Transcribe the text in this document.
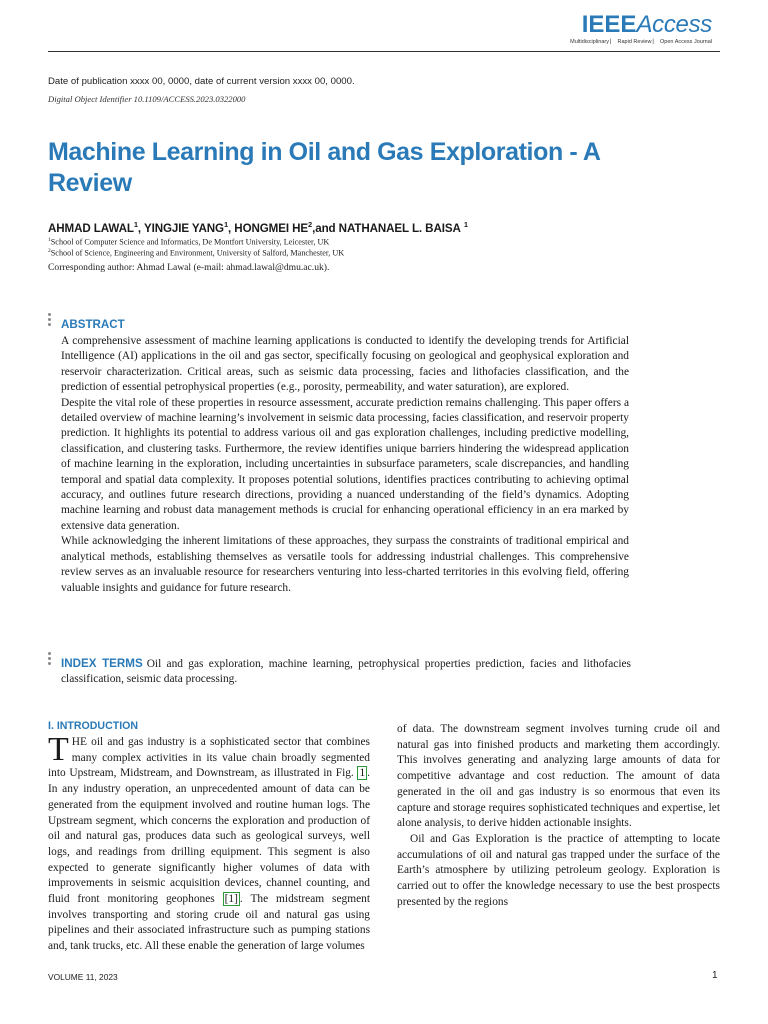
IEEEAccess
Multidisciplinary ⎸ Rapid Review ⎸ Open Access Journal
Date of publication xxxx 00, 0000, date of current version xxxx 00, 0000.
Digital Object Identifier 10.1109/ACCESS.2023.0322000
Machine Learning in Oil and Gas Exploration - A Review
AHMAD LAWAL$^1$, YINGJIE YANG$^1$, HONGMEI $HE^2,and$ NATHANAEL L. BAISA $^1$
$^1$School of Computer Science and Informatics, De Montfort University, Leicester, UK
$^2$School of Science, Engineering and Environment, University of Salford, Manchester, UK
Corresponding author: Ahmad Lawal (e-mail: ahmad.lawal@dmu.ac.uk).
ABSTRACT

A comprehensive assessment of machine learning applications is conducted to identify the developing trends for Artificial Intelligence (AI) applications in the oil and gas sector, specifically focusing on geological and geophysical exploration and reservoir characterization. Critical areas, such as seismic data processing, facies and lithofacies classification, and the prediction of essential petrophysical properties (e.g., porosity, permeability, and water saturation), are explored.

Despite the vital role of these properties in resource assessment, accurate prediction remains challenging. This paper offers a detailed overview of machine learning’s involvement in seismic data processing, facies classification, and reservoir property prediction. It highlights its potential to address various oil and gas exploration challenges, including predictive modelling, classification, and clustering tasks. Furthermore, the review identifies unique barriers hindering the widespread application of machine learning in the exploration, including uncertainties in subsurface parameters, scale discrepancies, and handling temporal and spatial data complexity. It proposes potential solutions, identifies practices contributing to achieving optimal accuracy, and outlines future research directions, providing a nuanced understanding of the field’s dynamics. Adopting machine learning and robust data management methods is crucial for enhancing operational efficiency in an era marked by extensive data generation.

While acknowledging the inherent limitations of these approaches, they surpass the constraints of traditional empirical and analytical methods, establishing themselves as versatile tools for addressing industrial challenges. This comprehensive review serves as an invaluable resource for researchers venturing into less-charted territories in this evolving field, offering valuable insights and guidance for future research.

INDEX TERMS Oil and gas exploration, machine learning, petrophysical properties prediction, facies and lithofacies classification, seismic data processing.
I. INTRODUCTION

THE oil and gas industry is a sophisticated sector that combines many complex activities in its value chain broadly segmented into Upstream, Midstream, and Downstream, as illustrated in Fig. 1 . In any industry operation, an unprecedented amount of data can be generated from the equipment involved and routine human logs. The Upstream segment, which concerns the exploration and production of oil and natural gas, produces data such as geological surveys, well logs, and readings from drilling equipment. This segment is also expected to generate significantly higher volumes of data with improvements in seismic acquisition devices, channel counting, and fluid front monitoring geophones [1] . The midstream segment involves transporting and storing crude oil and natural gas using pipelines and their associated infrastructure such as pumping stations and, tank trucks, etc. All these enable the generation of large volumes

VOLUME 11, 2023	1

of data. The downstream segment involves turning crude oil and natural gas into finished products and marketing them accordingly. This involves generating and analyzing large amounts of data for competitive advantage and cost reduction. The amount of data generated in the oil and gas industry is so enormous that even its capture and storage requires sophisticated techniques and expertise, let alone analysis, to derive hidden actionable insights.

Oil and Gas Exploration is the practice of attempting to locate accumulations of oil and natural gas trapped under the surface of the Earth’s atmosphere by utilizing petroleum geology. Exploration is carried out to offer the knowledge necessary to use the best prospects presented by the regions
